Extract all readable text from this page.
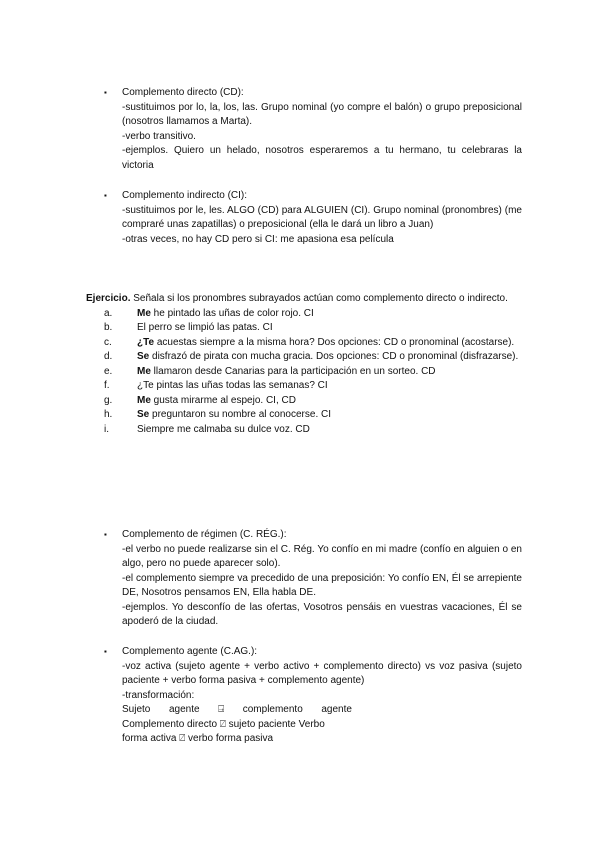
▪	Complemento directo (CD):
-sustituimos por lo, la, los, las. Grupo nominal (yo compre el balón) o grupo preposicional (nosotros llamamos a Marta).
-verbo transitivo.
-ejemplos. Quiero un helado, nosotros esperaremos a tu hermano, tu celebraras la victoria
▪	Complemento indirecto (CI):
-sustituimos por le, les. ALGO (CD) para ALGUIEN (CI). Grupo nominal (pronombres) (me compraré unas zapatillas) o preposicional (ella le dará un libro a Juan)
-otras veces, no hay CD pero si CI: me apasiona esa película
Ejercicio. Señala si los pronombres subrayados actúan como complemento directo o indirecto.
a.	Me he pintado las uñas de color rojo. CI
b.	El perro se limpió las patas. CI
c.	¿Te acuestas siempre a la misma hora? Dos opciones: CD o pronominal (acostarse).
d.	Se disfrazó de pirata con mucha gracia. Dos opciones: CD o pronominal (disfrazarse).
e.	Me llamaron desde Canarias para la participación en un sorteo. CD
f.	¿Te pintas las uñas todas las semanas? CI
g.	Me gusta mirarme al espejo. CI, CD
h.	Se preguntaron su nombre al conocerse. CI
i.	Siempre me calmaba su dulce voz. CD
▪	Complemento de régimen (C. RÉG.):
-el verbo no puede realizarse sin el C. Rég. Yo confío en mi madre (confío en alguien o en algo, pero no puede aparecer solo).
-el complemento siempre va precedido de una preposición: Yo confío EN, Él se arrepiente DE, Nosotros pensamos EN, Ella habla DE.
-ejemplos. Yo desconfío de las ofertas, Vosotros pensáis en vuestras vacaciones, Él se apoderó de la ciudad.
▪	Complemento agente (C.AG.):
-voz activa (sujeto agente + verbo activo + complemento directo) vs voz pasiva (sujeto paciente + verbo forma pasiva + complemento agente)
-transformación:
Sujeto agente ⍈ complemento agente
Complemento directo ⍁ sujeto paciente Verbo
forma activa ⍁ verbo forma pasiva
